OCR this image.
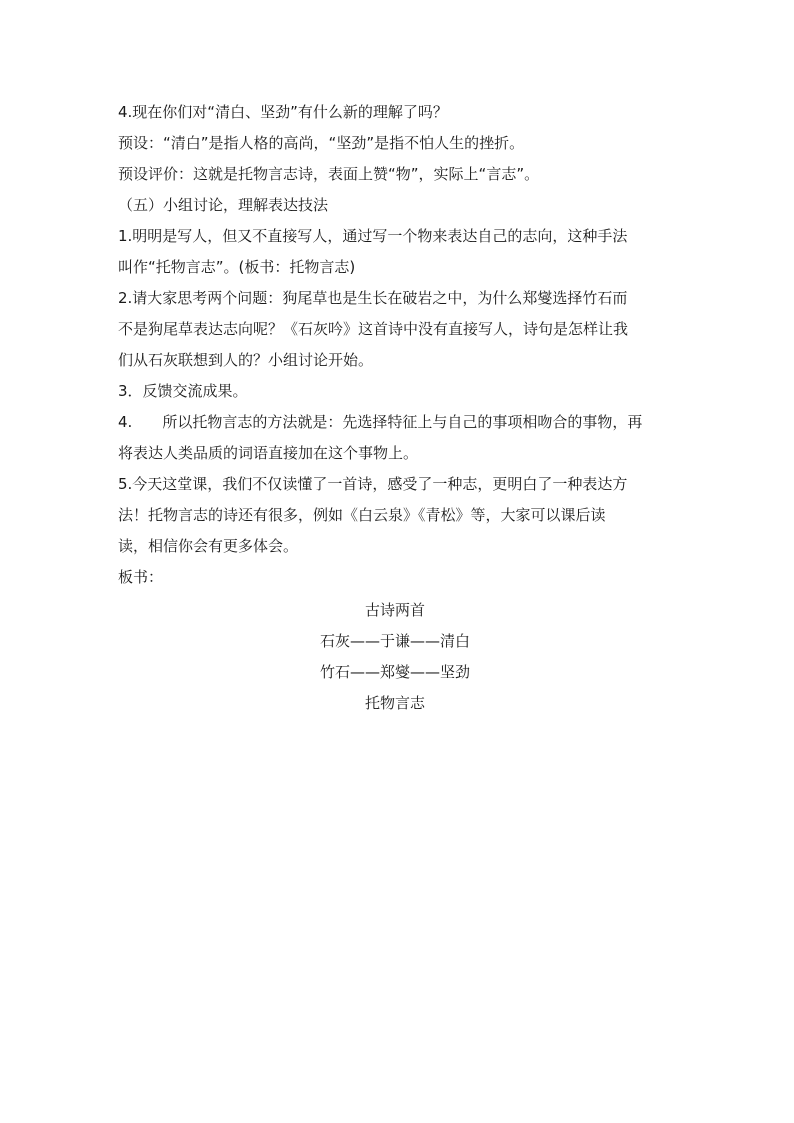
4.现在你们对“清白、坚劲”有什么新的理解了吗？
预设：“清白”是指人格的高尚，“坚劲”是指不怕人生的挫折。
预设评价：这就是托物言志诗，表面上赞“物”，实际上“言志”。
（五）小组讨论，理解表达技法
1.明明是写人，但又不直接写人，通过写一个物来表达自己的志向，这种手法
叫作“托物言志”。(板书：托物言志)
2.请大家思考两个问题：狗尾草也是生长在破岩之中，为什么郑燮选择竹石而
不是狗尾草表达志向呢？《石灰吟》这首诗中没有直接写人，诗句是怎样让我
们从石灰联想到人的？小组讨论开始。
3．反馈交流成果。
4. 所以托物言志的方法就是：先选择特征上与自己的事项相吻合的事物，再
将表达人类品质的词语直接加在这个事物上。
5.今天这堂课，我们不仅读懂了一首诗，感受了一种志，更明白了一种表达方
法！托物言志的诗还有很多，例如《白云泉》《青松》等，大家可以课后读
读，相信你会有更多体会。
板书：
古诗两首
石灰——于谦——清白
竹石——郑燮——坚劲
托物言志
